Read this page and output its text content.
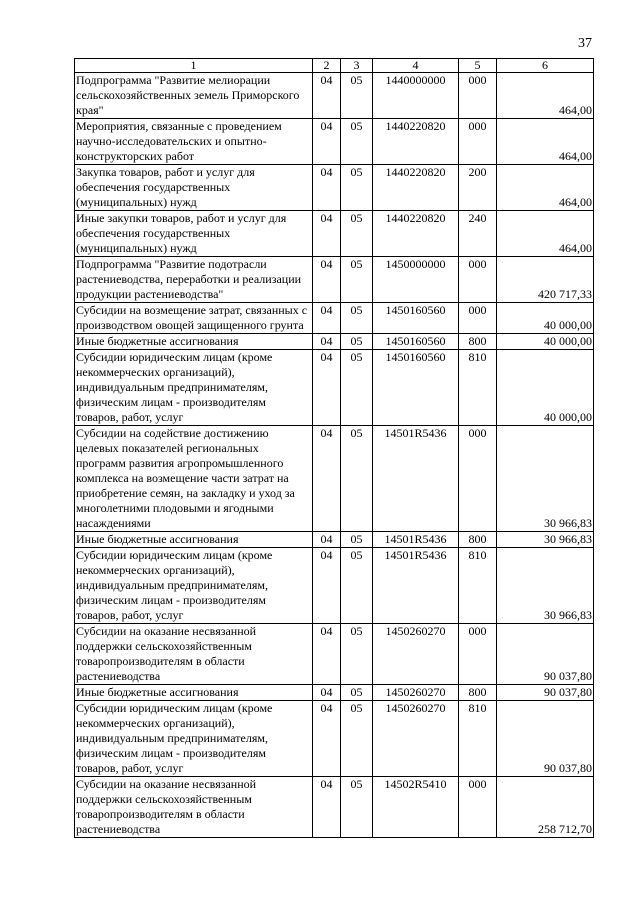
37
1	2	3	4	5	6
Подпрограмма "Развитие мелиорации сельскохозяйственных земель Приморского края"	04	05	1440000000	000	464,00
Мероприятия, связанные с проведением научно-исследовательских и опытно-конструкторских работ	04	05	1440220820	000	464,00
Закупка товаров, работ и услуг для обеспечения государственных (муниципальных) нужд	04	05	1440220820	200	464,00
Иные закупки товаров, работ и услуг для обеспечения государственных (муниципальных) нужд	04	05	1440220820	240	464,00
Подпрограмма "Развитие подотрасли растениеводства, переработки и реализации продукции растениеводства"	04	05	1450000000	000	420 717,33
Субсидии на возмещение затрат, связанных с производством овощей защищенного грунта	04	05	1450160560	000	40 000,00
Иные бюджетные ассигнования	04	05	1450160560	800	40 000,00
Субсидии юридическим лицам (кроме некоммерческих организаций), индивидуальным предпринимателям, физическим лицам - производителям товаров, работ, услуг	04	05	1450160560	810	40 000,00
Субсидии на содействие достижению целевых показателей региональных программ развития агропромышленного комплекса на возмещение части затрат на приобретение семян, на закладку и уход за многолетними плодовыми и ягодными насаждениями	04	05	14501R5436	000	30 966,83
Иные бюджетные ассигнования	04	05	14501R5436	800	30 966,83
Субсидии юридическим лицам (кроме некоммерческих организаций), индивидуальным предпринимателям, физическим лицам - производителям товаров, работ, услуг	04	05	14501R5436	810	30 966,83
Субсидии на оказание несвязанной поддержки сельскохозяйственным товаропроизводителям в области растениеводства	04	05	1450260270	000	90 037,80
Иные бюджетные ассигнования	04	05	1450260270	800	90 037,80
Субсидии юридическим лицам (кроме некоммерческих организаций), индивидуальным предпринимателям, физическим лицам - производителям товаров, работ, услуг	04	05	1450260270	810	90 037,80
Субсидии на оказание несвязанной поддержки сельскохозяйственным товаропроизводителям в области растениеводства	04	05	14502R5410	000	258 712,70
